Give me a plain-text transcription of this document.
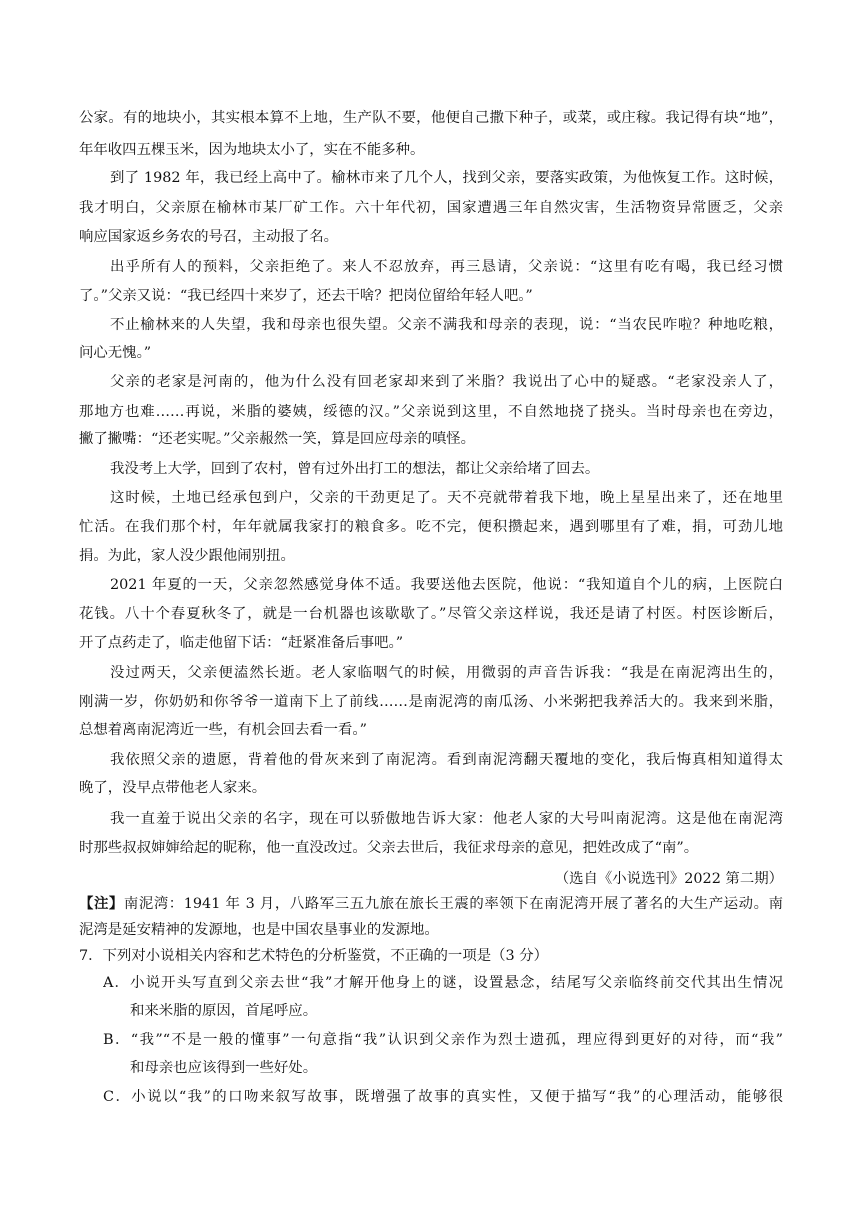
公家。有的地块小，其实根本算不上地，生产队不要，他便自己撒下种子，或菜，或庄稼。我记得有块“地”，
年年收四五棵玉米，因为地块太小了，实在不能多种。
到了 1982 年，我已经上高中了。榆林市来了几个人，找到父亲，要落实政策，为他恢复工作。这时候，
我才明白，父亲原在榆林市某厂矿工作。六十年代初，国家遭遇三年自然灾害，生活物资异常匮乏，父亲
响应国家返乡务农的号召，主动报了名。
出乎所有人的预料，父亲拒绝了。来人不忍放弃，再三恳请，父亲说：“这里有吃有喝，我已经习惯
了。”父亲又说：“我已经四十来岁了，还去干啥？把岗位留给年轻人吧。”
不止榆林来的人失望，我和母亲也很失望。父亲不满我和母亲的表现，说：“当农民咋啦？种地吃粮，
问心无愧。”
父亲的老家是河南的，他为什么没有回老家却来到了米脂？我说出了心中的疑惑。“老家没亲人了，
那地方也难……再说，米脂的婆姨，绥德的汉。”父亲说到这里，不自然地挠了挠头。当时母亲也在旁边，
撇了撇嘴：“还老实呢。”父亲赧然一笑，算是回应母亲的嗔怪。
我没考上大学，回到了农村，曾有过外出打工的想法，都让父亲给堵了回去。
这时候，土地已经承包到户，父亲的干劲更足了。天不亮就带着我下地，晚上星星出来了，还在地里
忙活。在我们那个村，年年就属我家打的粮食多。吃不完，便积攒起来，遇到哪里有了难，捐，可劲儿地
捐。为此，家人没少跟他闹别扭。
2021 年夏的一天，父亲忽然感觉身体不适。我要送他去医院，他说：“我知道自个儿的病，上医院白
花钱。八十个春夏秋冬了，就是一台机器也该歇歇了。”尽管父亲这样说，我还是请了村医。村医诊断后，
开了点药走了，临走他留下话：“赶紧准备后事吧。”
没过两天，父亲便溘然长逝。老人家临咽气的时候，用微弱的声音告诉我：“我是在南泥湾出生的，
刚满一岁，你奶奶和你爷爷一道南下上了前线……是南泥湾的南瓜汤、小米粥把我养活大的。我来到米脂，
总想着离南泥湾近一些，有机会回去看一看。”
我依照父亲的遗愿，背着他的骨灰来到了南泥湾。看到南泥湾翻天覆地的变化，我后悔真相知道得太
晚了，没早点带他老人家来。
我一直羞于说出父亲的名字，现在可以骄傲地告诉大家：他老人家的大号叫南泥湾。这是他在南泥湾
时那些叔叔婶婶给起的昵称，他一直没改过。父亲去世后，我征求母亲的意见，把姓改成了“南”。
（选自《小说选刊》2022 第二期）
【注】南泥湾：1941 年 3 月，八路军三五九旅在旅长王震的率领下在南泥湾开展了著名的大生产运动。南
泥湾是延安精神的发源地，也是中国农垦事业的发源地。
7．下列对小说相关内容和艺术特色的分析鉴赏，不正确的一项是（3 分）
A．小说开头写直到父亲去世“我”才解开他身上的谜，设置悬念，结尾写父亲临终前交代其出生情况
和来米脂的原因，首尾呼应。
B．“我”“不是一般的懂事”一句意指“我”认识到父亲作为烈士遗孤，理应得到更好的对待，而“我”
和母亲也应该得到一些好处。
C．小说以“我”的口吻来叙写故事，既增强了故事的真实性，又便于描写“我”的心理活动，能够很
